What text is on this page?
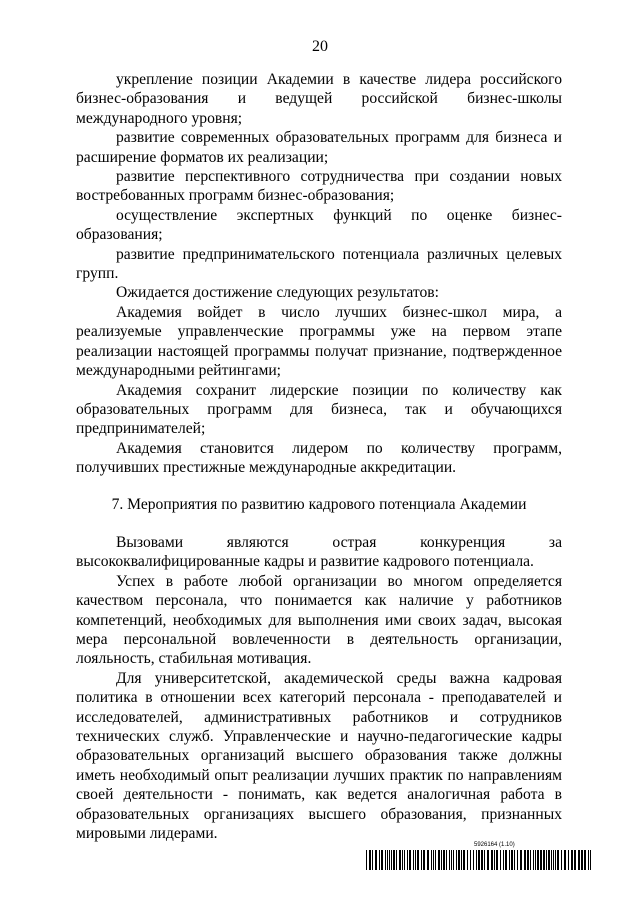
20

укрепление позиции Академии в качестве лидера российского бизнес-образования и ведущей российской бизнес-школы международного уровня;

развитие современных образовательных программ для бизнеса и расширение форматов их реализации;

развитие перспективного сотрудничества при создании новых востребованных программ бизнес-образования;

осуществление экспертных функций по оценке бизнес-образования;

развитие предпринимательского потенциала различных целевых групп.

Ожидается достижение следующих результатов:

Академия войдет в число лучших бизнес-школ мира, а реализуемые управленческие программы уже на первом этапе реализации настоящей программы получат признание, подтвержденное международными рейтингами;

Академия сохранит лидерские позиции по количеству как образовательных программ для бизнеса, так и обучающихся предпринимателей;

Академия становится лидером по количеству программ, получивших престижные международные аккредитации.

7. Мероприятия по развитию кадрового потенциала Академии

Вызовами являются острая конкуренция за высококвалифицированные кадры и развитие кадрового потенциала.

Успех в работе любой организации во многом определяется качеством персонала, что понимается как наличие у работников компетенций, необходимых для выполнения ими своих задач, высокая мера персональной вовлеченности в деятельность организации, лояльность, стабильная мотивация.

Для университетской, академической среды важна кадровая политика в отношении всех категорий персонала - преподавателей и исследователей, административных работников и сотрудников технических служб. Управленческие и научно-педагогические кадры образовательных организаций высшего образования также должны иметь необходимый опыт реализации лучших практик по направлениям своей деятельности - понимать, как ведется аналогичная работа в образовательных организациях высшего образования, признанных мировыми лидерами.

5926164 (1.10)
